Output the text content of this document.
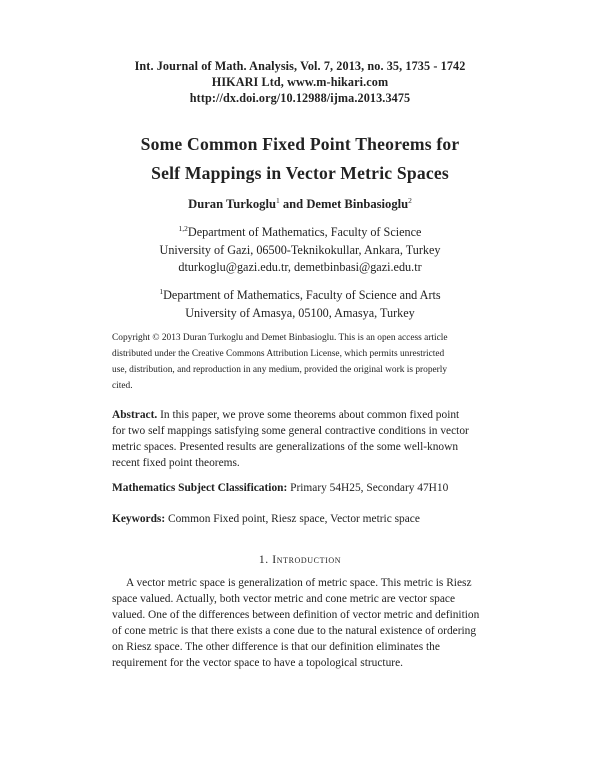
Int. Journal of Math. Analysis, Vol. 7, 2013, no. 35, 1735 - 1742
HIKARI Ltd, www.m-hikari.com
http://dx.doi.org/10.12988/ijma.2013.3475
Some Common Fixed Point Theorems for
Self Mappings in Vector Metric Spaces
Duran Turkoglu$^1$ and Demet Binbasioglu$^2$
$^{1,2}$Department of Mathematics, Faculty of Science
University of Gazi, 06500-Teknikokullar, Ankara, Turkey
dturkoglu@gazi.edu.tr, demetbinbasi@gazi.edu.tr
$^1$Department of Mathematics, Faculty of Science and Arts
University of Amasya, 05100, Amasya, Turkey
Copyright © 2013 Duran Turkoglu and Demet Binbasioglu. This is an open access article
distributed under the Creative Commons Attribution License, which permits unrestricted
use, distribution, and reproduction in any medium, provided the original work is properly
cited.
Abstract. In this paper, we prove some theorems about common fixed point
for two self mappings satisfying some general contractive conditions in vector
metric spaces. Presented results are generalizations of the some well-known
recent fixed point theorems.
Mathematics Subject Classification: Primary 54H25, Secondary 47H10
Keywords: Common Fixed point, Riesz space, Vector metric space
1. Introduction
A vector metric space is generalization of metric space. This metric is Riesz
space valued. Actually, both vector metric and cone metric are vector space
valued. One of the differences between definition of vector metric and definition
of cone metric is that there exists a cone due to the natural existence of ordering
on Riesz space. The other difference is that our definition eliminates the
requirement for the vector space to have a topological structure.
